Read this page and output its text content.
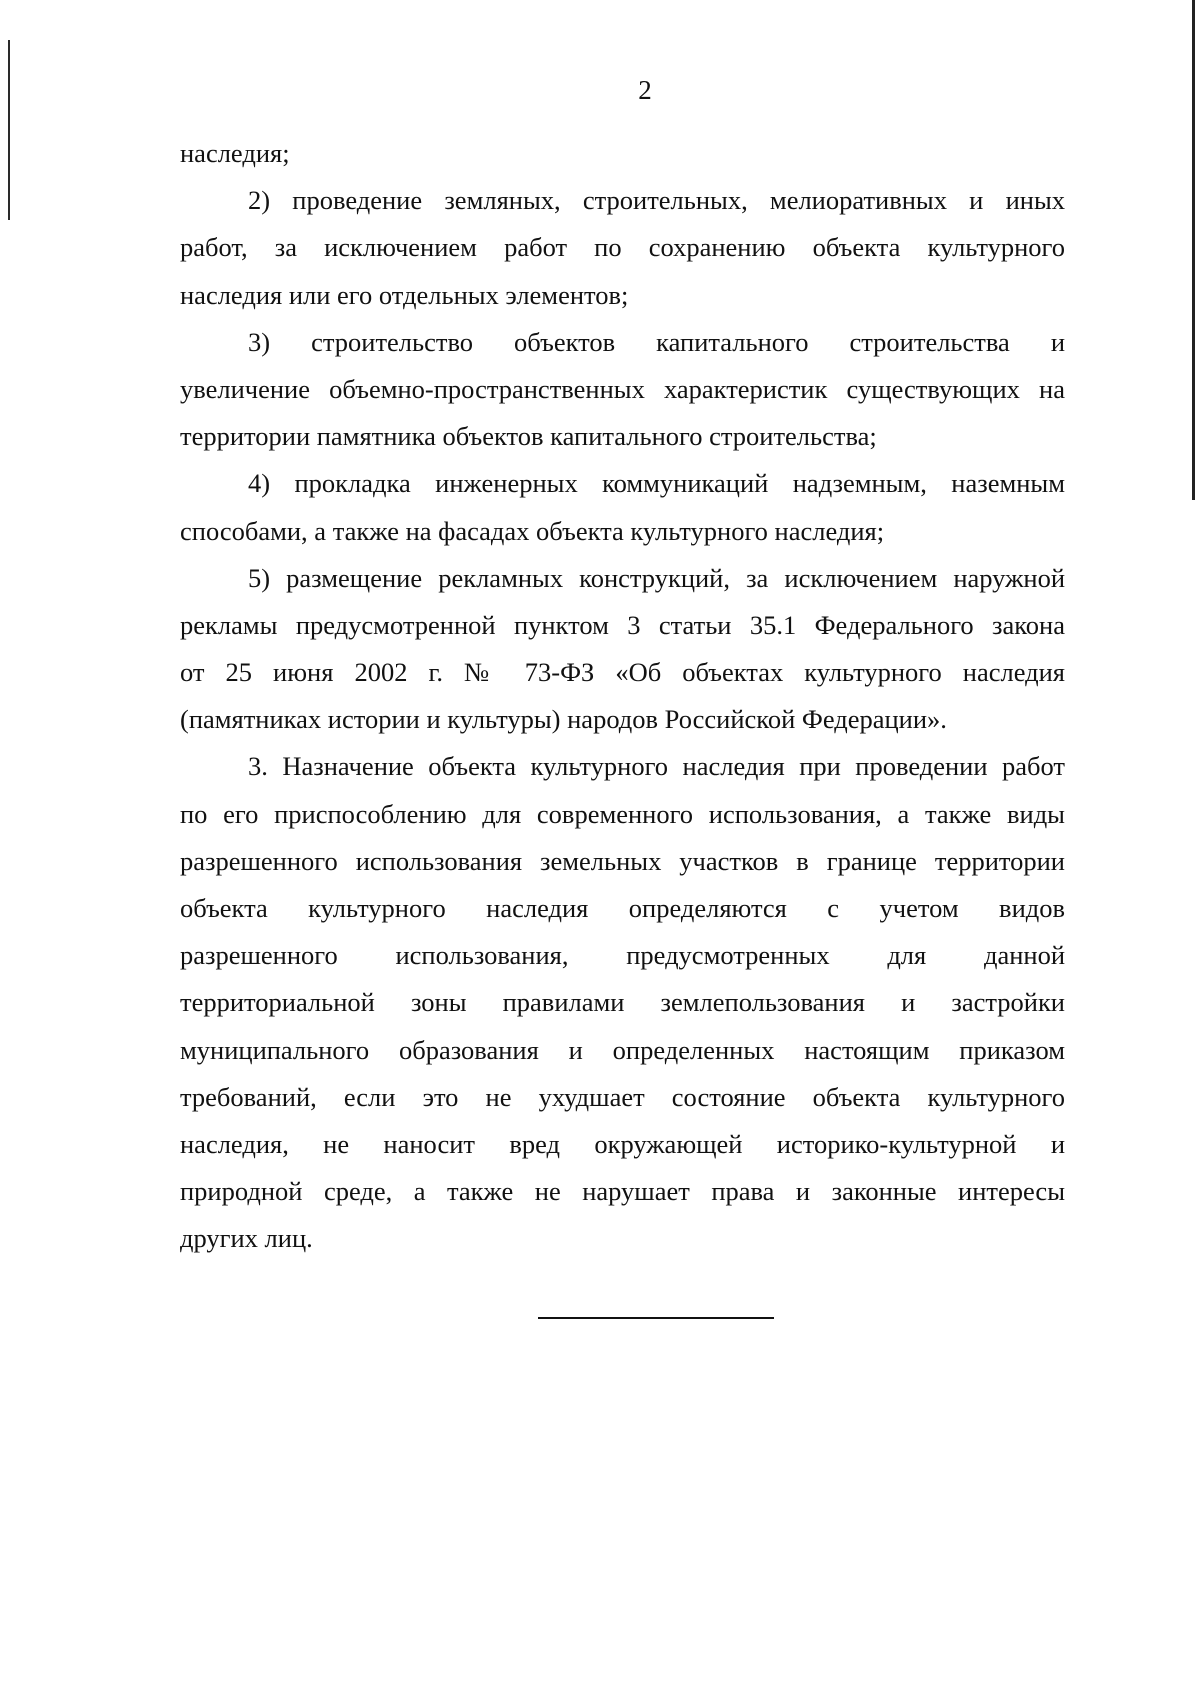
2
наследия;
2) проведение земляных, строительных, мелиоративных и иных
работ, за исключением работ по сохранению объекта культурного
наследия или его отдельных элементов;
3) строительство объектов капитального строительства и
увеличение объемно-пространственных характеристик существующих на
территории памятника объектов капитального строительства;
4) прокладка инженерных коммуникаций надземным, наземным
способами, а также на фасадах объекта культурного наследия;
5) размещение рекламных конструкций, за исключением наружной
рекламы предусмотренной пунктом 3 статьи 35.1 Федерального закона
от 25 июня 2002 г. № 73-ФЗ «Об объектах культурного наследия
(памятниках истории и культуры) народов Российской Федерации».
3. Назначение объекта культурного наследия при проведении работ
по его приспособлению для современного использования, а также виды
разрешенного использования земельных участков в границе территории
объекта культурного наследия определяются с учетом видов
разрешенного использования, предусмотренных для данной
территориальной зоны правилами землепользования и застройки
муниципального образования и определенных настоящим приказом
требований, если это не ухудшает состояние объекта культурного
наследия, не наносит вред окружающей историко-культурной и
природной среде, а также не нарушает права и законные интересы
других лиц.
